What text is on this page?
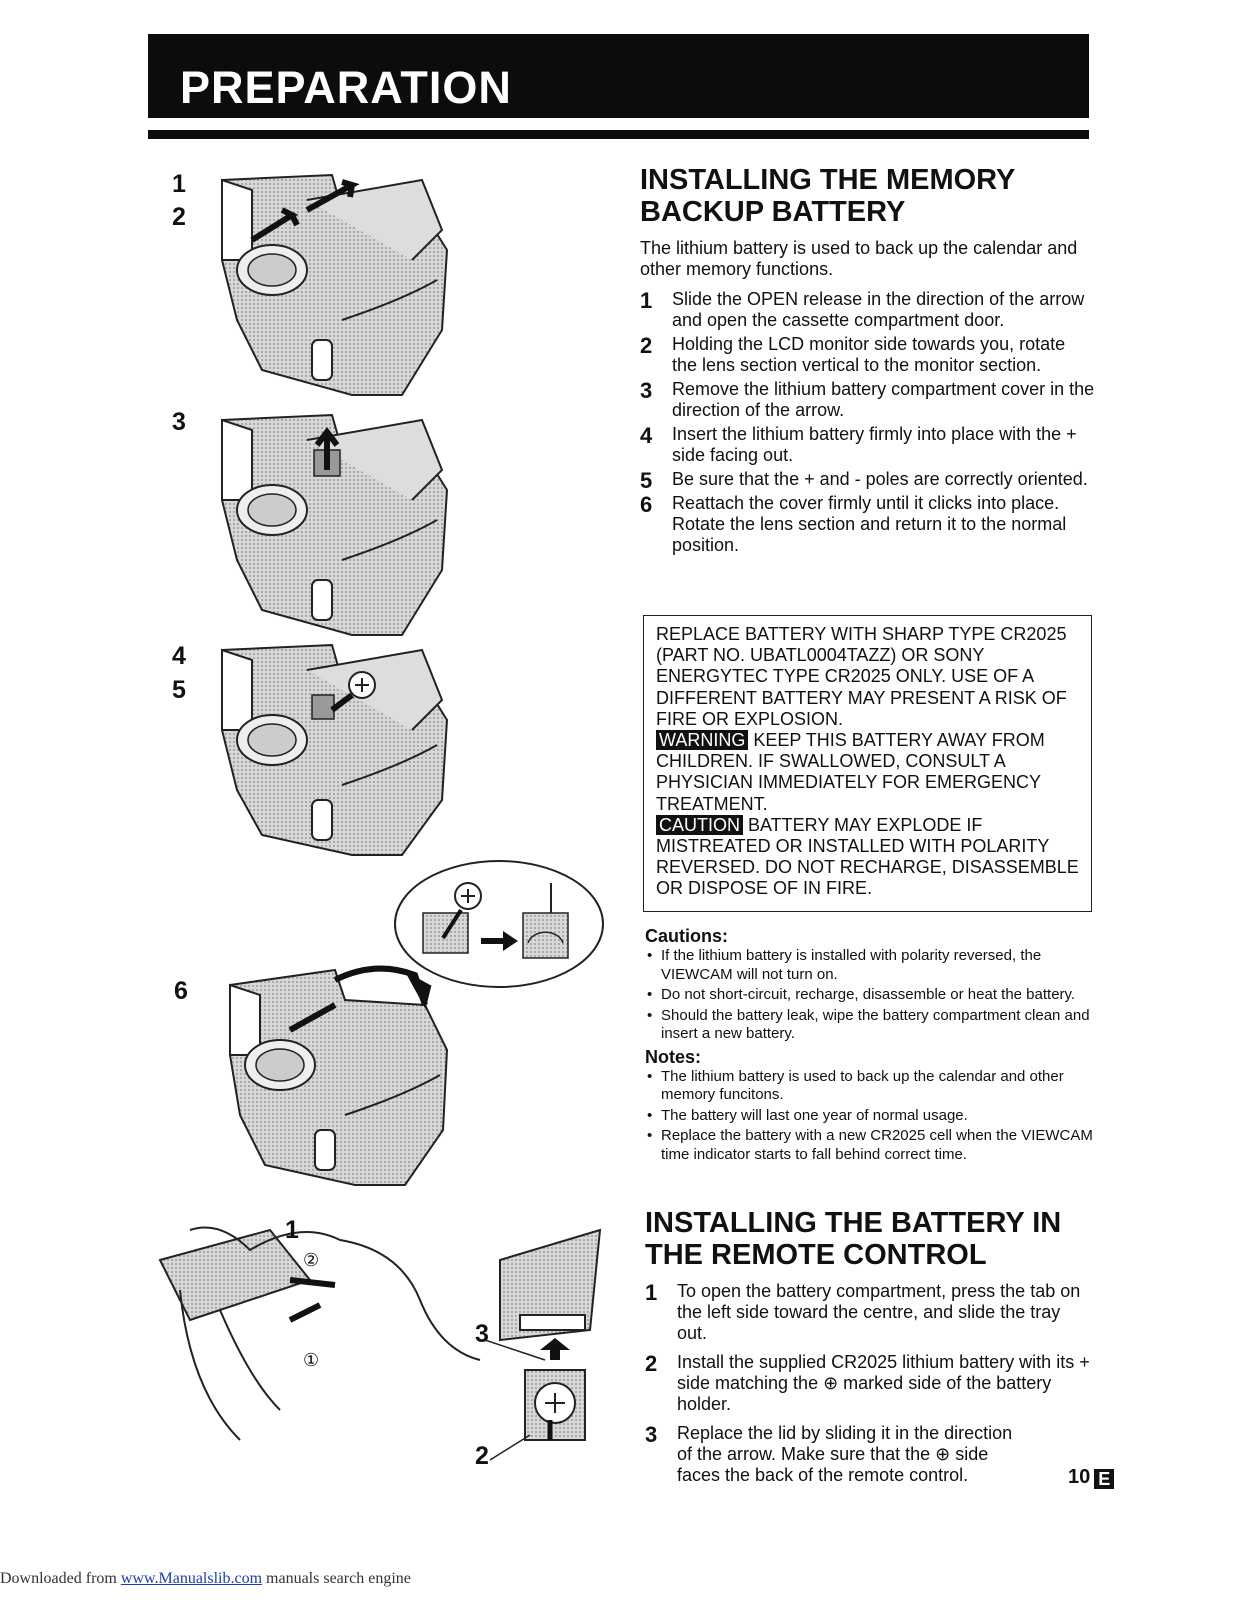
PREPARATION
1
2
3
4
5
6
1
②
①
3
2
INSTALLING THE MEMORY
BACKUP BATTERY

The lithium battery is used to back up the calendar and other memory functions.

1 Slide the OPEN release in the direction of the arrow and open the cassette compartment door.
2 Holding the LCD monitor side towards you, rotate the lens section vertical to the monitor section.
3 Remove the lithium battery compartment cover in the direction of the arrow.
4 Insert the lithium battery firmly into place with the + side facing out.
5 Be sure that the + and - poles are correctly oriented.
6 Reattach the cover firmly until it clicks into place. Rotate the lens section and return it to the normal position.

REPLACE BATTERY WITH SHARP TYPE CR2025 (PART NO. UBATL0004TAZZ) OR SONY ENERGYTEC TYPE CR2025 ONLY. USE OF A DIFFERENT BATTERY MAY PRESENT A RISK OF FIRE OR EXPLOSION.

WARNING KEEP THIS BATTERY AWAY FROM CHILDREN. IF SWALLOWED, CONSULT A PHYSICIAN IMMEDIATELY FOR EMERGENCY TREATMENT.

CAUTION BATTERY MAY EXPLODE IF MISTREATED OR INSTALLED WITH POLARITY REVERSED. DO NOT RECHARGE, DISASSEMBLE OR DISPOSE OF IN FIRE.

Cautions:

• If the lithium battery is installed with polarity reversed, the VIEWCAM will not turn on.
• Do not short-circuit, recharge, disassemble or heat the battery.
• Should the battery leak, wipe the battery compartment clean and insert a new battery.

Notes:

• The lithium battery is used to back up the calendar and other memory funcitons.
• The battery will last one year of normal usage.
• Replace the battery with a new CR2025 cell when the VIEWCAM time indicator starts to fall behind correct time.
INSTALLING THE BATTERY IN
THE REMOTE CONTROL
1 To open the battery compartment, press the tab on the left side toward the centre, and slide the tray out.
2 Install the supplied CR2025 lithium battery with its + side matching the ⊕ marked side of the battery holder.
3 Replace the lid by sliding it in the direction of the arrow. Make sure that the ⊕ side faces the back of the remote control.	10 E
Downloaded from www.Manualslib.com manuals search engine
